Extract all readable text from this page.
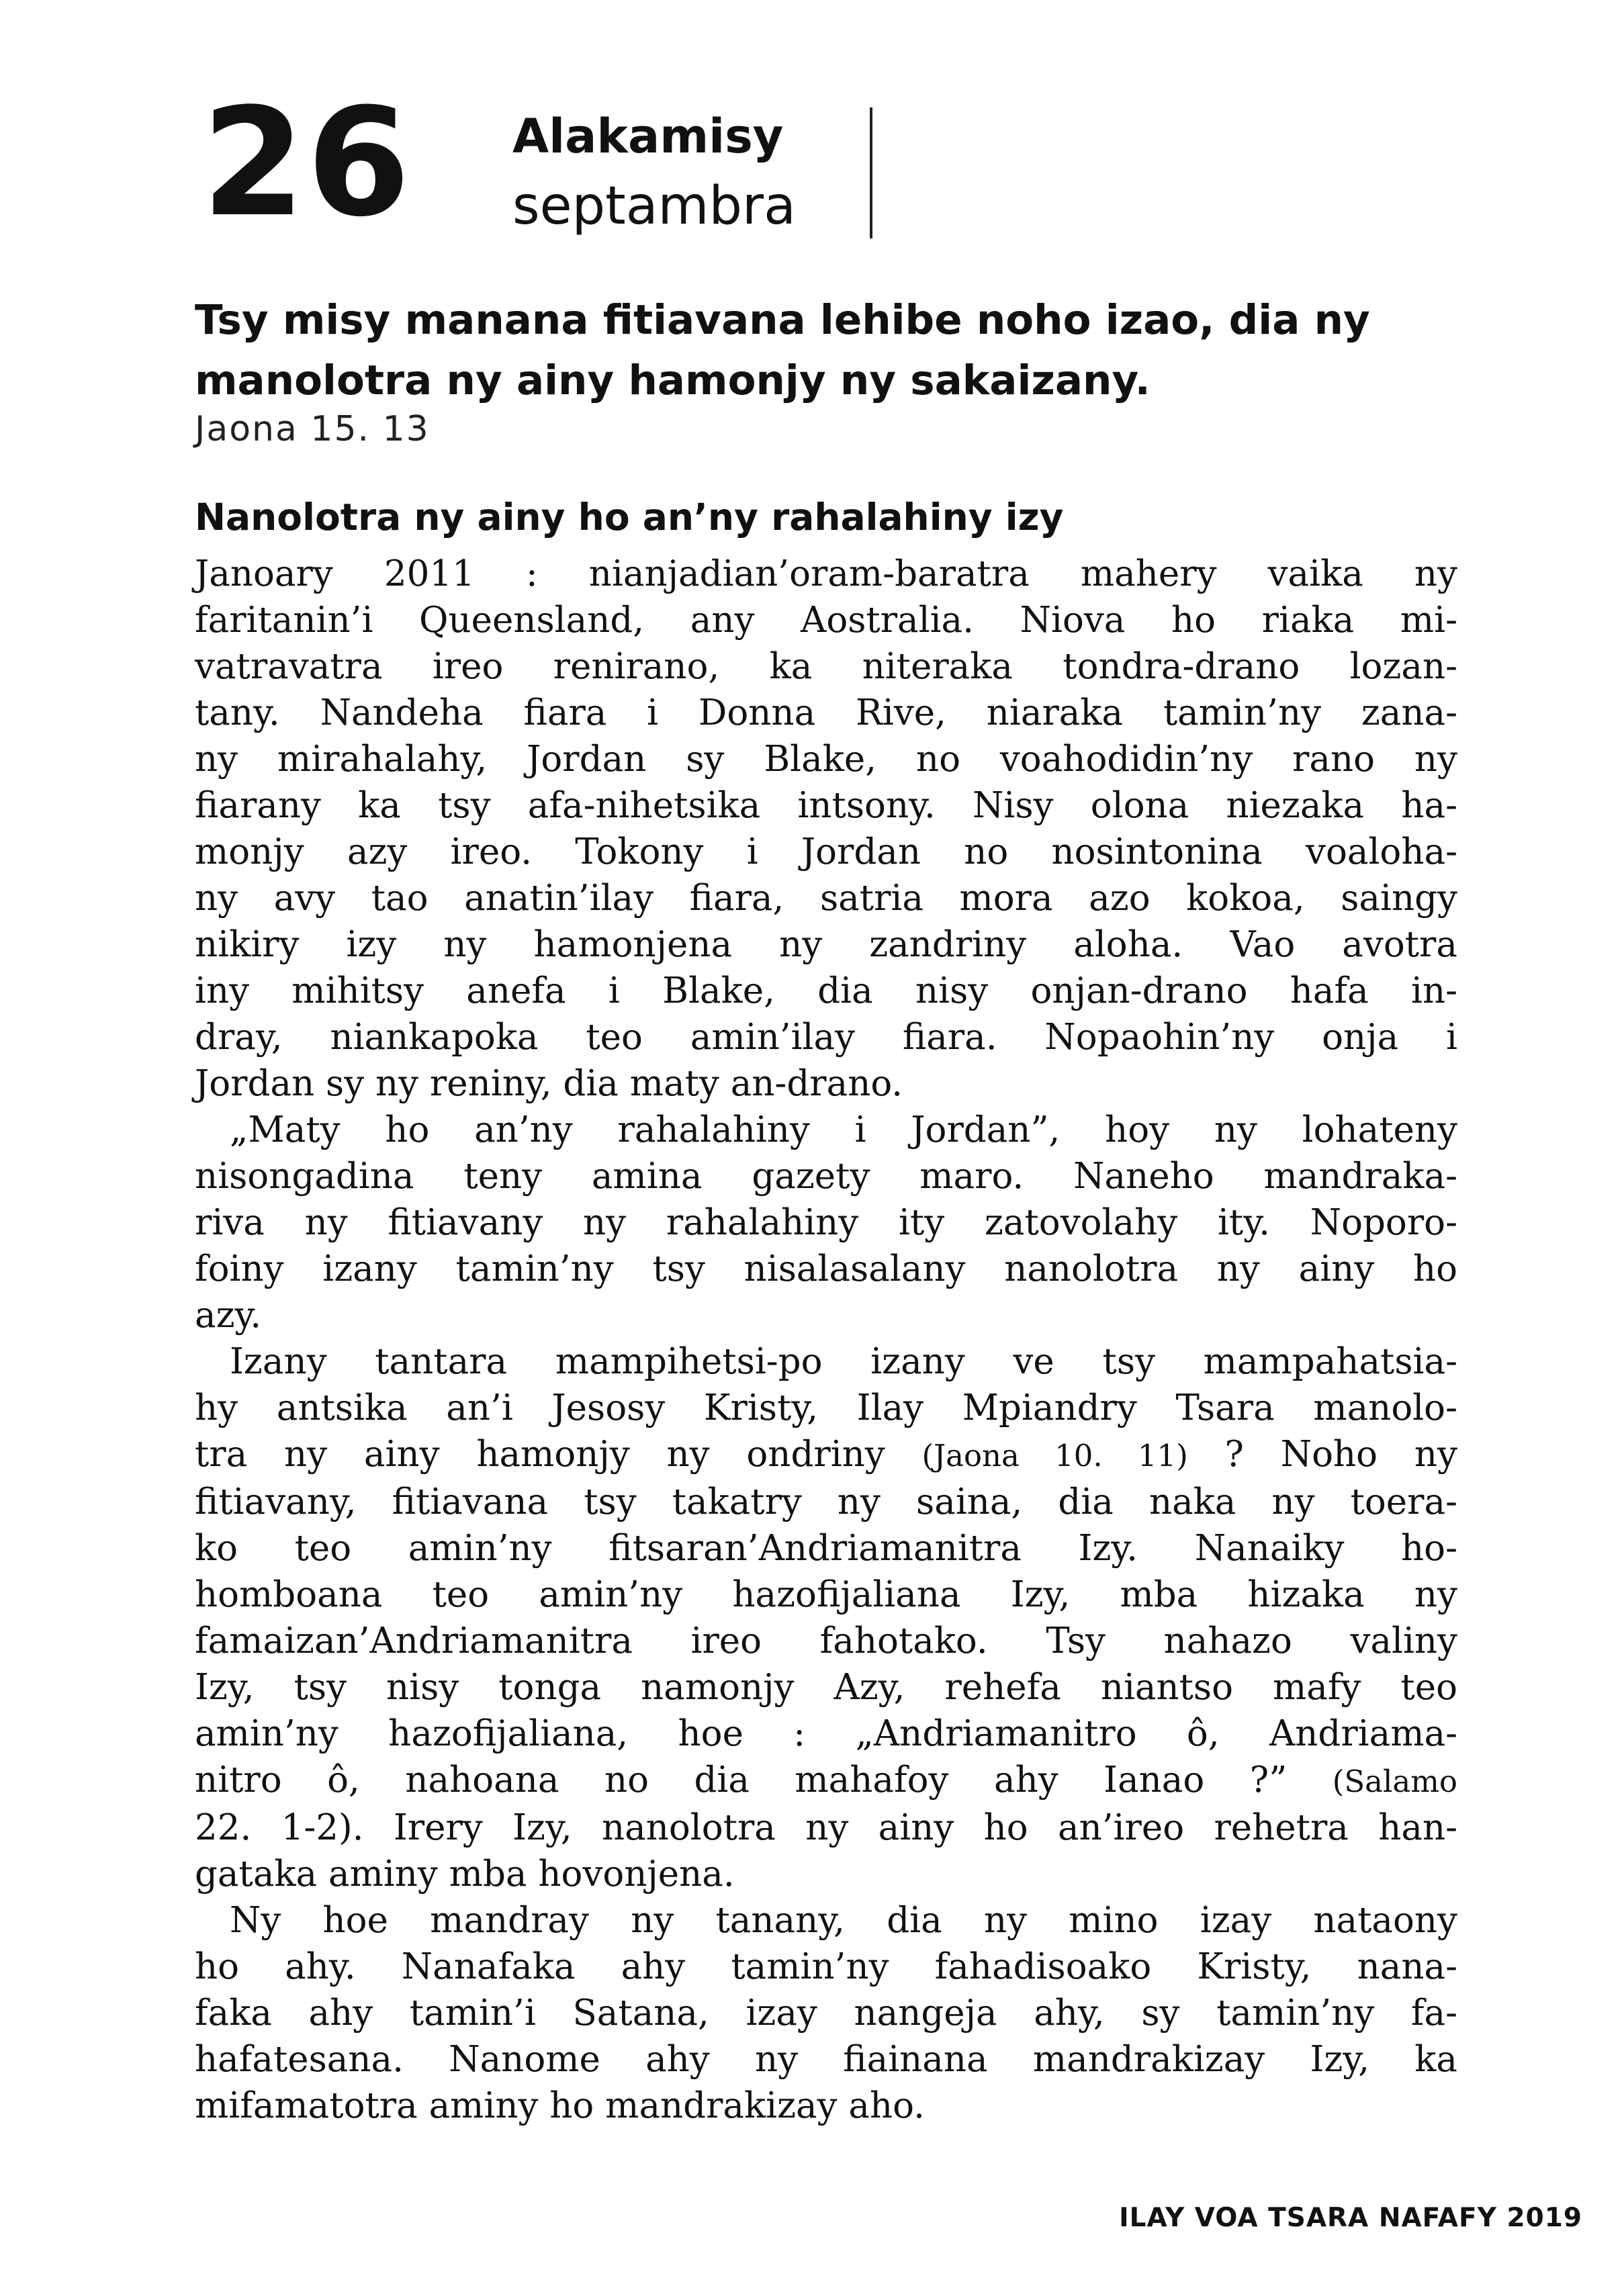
26 Alakamisy
septambra
Tsy misy manana fitiavana lehibe noho izao, dia ny
manolotra ny ainy hamonjy ny sakaizany.
Jaona 15. 13
Nanolotra ny ainy ho an’ny rahalahiny izy
Janoary 2011 : nianjadian’oram-baratra mahery vaika ny
faritanin’i Queensland, any Aostralia. Niova ho riaka mi-
vatravatra ireo renirano, ka niteraka tondra-drano lozan-
tany. Nandeha fiara i Donna Rive, niaraka tamin’ny zana-
ny mirahalahy, Jordan sy Blake, no voahodidin’ny rano ny
fiarany ka tsy afa-nihetsika intsony. Nisy olona niezaka ha-
monjy azy ireo. Tokony i Jordan no nosintonina voaloha-
ny avy tao anatin’ilay fiara, satria mora azo kokoa, saingy
nikiry izy ny hamonjena ny zandriny aloha. Vao avotra
iny mihitsy anefa i Blake, dia nisy onjan-drano hafa in-
dray, niankapoka teo amin’ilay fiara. Nopaohin’ny onja i
Jordan sy ny reniny, dia maty an-drano.
„Maty ho an’ny rahalahiny i Jordan”, hoy ny lohateny
nisongadina teny amina gazety maro. Naneho mandraka-
riva ny fitiavany ny rahalahiny ity zatovolahy ity. Noporo-
foiny izany tamin’ny tsy nisalasalany nanolotra ny ainy ho
azy.
Izany tantara mampihetsi-po izany ve tsy mampahatsia-
hy antsika an’i Jesosy Kristy, Ilay Mpiandry Tsara manolo-
tra ny ainy hamonjy ny ondriny (Jaona 10. 11) ? Noho ny
fitiavany, fitiavana tsy takatry ny saina, dia naka ny toera-
ko teo amin’ny fitsaran’Andriamanitra Izy. Nanaiky ho-
homboana teo amin’ny hazofijaliana Izy, mba hizaka ny
famaizan’Andriamanitra ireo fahotako. Tsy nahazo valiny
Izy, tsy nisy tonga namonjy Azy, rehefa niantso mafy teo
amin’ny hazofijaliana, hoe : „Andriamanitro ô, Andriama-
nitro ô, nahoana no dia mahafoy ahy Ianao ?” (Salamo
22. 1-2). Irery Izy, nanolotra ny ainy ho an’ireo rehetra han-
gataka aminy mba hovonjena.
Ny hoe mandray ny tanany, dia ny mino izay nataony
ho ahy. Nanafaka ahy tamin’ny fahadisoako Kristy, nana-
faka ahy tamin’i Satana, izay nangeja ahy, sy tamin’ny fa-
hafatesana. Nanome ahy ny fiainana mandrakizay Izy, ka
mifamatotra aminy ho mandrakizay aho.
ILAY VOA TSARA NAFAFY 2019
